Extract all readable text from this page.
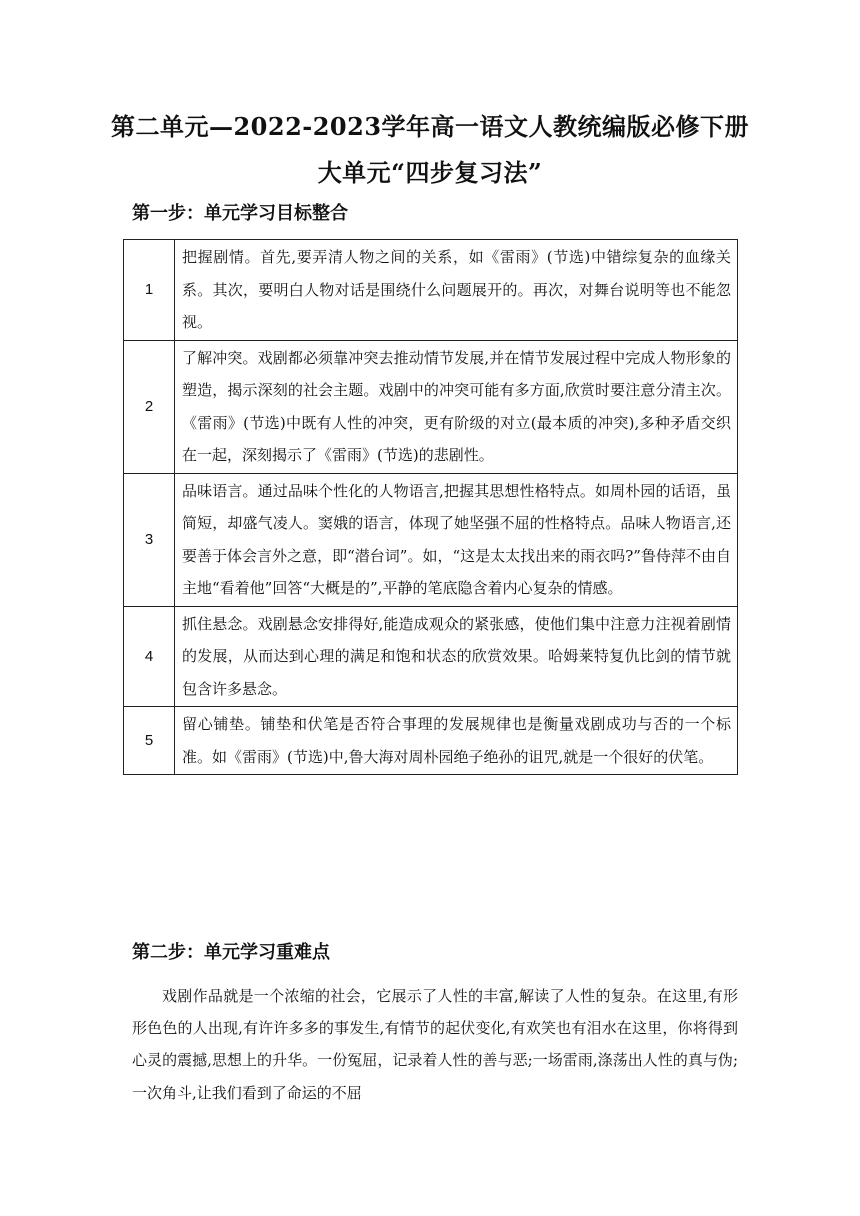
第二单元—2022-2023学年高一语文人教统编版必修下册大单元“四步复习法”
第一步：单元学习目标整合
1	把握剧情。首先,要弄清人物之间的关系，如《雷雨》(节选)中错综复杂的血缘关系。其次，要明白人物对话是围绕什么问题展开的。再次，对舞台说明等也不能忽视。
2	了解冲突。戏剧都必须靠冲突去推动情节发展,并在情节发展过程中完成人物形象的塑造，揭示深刻的社会主题。戏剧中的冲突可能有多方面,欣赏时要注意分清主次。《雷雨》(节选)中既有人性的冲突，更有阶级的对立(最本质的冲突),多种矛盾交织在一起，深刻揭示了《雷雨》(节选)的悲剧性。
3	品味语言。通过品味个性化的人物语言,把握其思想性格特点。如周朴园的话语，虽简短，却盛气凌人。窦娥的语言，体现了她坚强不屈的性格特点。品味人物语言,还要善于体会言外之意，即“潜台词”。如，“这是太太找出来的雨衣吗?”鲁侍萍不由自主地“看着他”回答“大概是的”,平静的笔底隐含着内心复杂的情感。
4	抓住悬念。戏剧悬念安排得好,能造成观众的紧张感，使他们集中注意力注视着剧情的发展，从而达到心理的满足和饱和状态的欣赏效果。哈姆莱特复仇比剑的情节就包含许多悬念。
5	留心铺垫。铺垫和伏笔是否符合事理的发展规律也是衡量戏剧成功与否的一个标准。如《雷雨》(节选)中,鲁大海对周朴园绝子绝孙的诅咒,就是一个很好的伏笔。
第二步：单元学习重难点
戏剧作品就是一个浓缩的社会，它展示了人性的丰富,解读了人性的复杂。在这里,有形形色色的人出现,有许许多多的事发生,有情节的起伏变化,有欢笑也有泪水在这里，你将得到心灵的震撼,思想上的升华。一份冤屈，记录着人性的善与恶;一场雷雨,涤荡出人性的真与伪;一次角斗,让我们看到了命运的不屈
